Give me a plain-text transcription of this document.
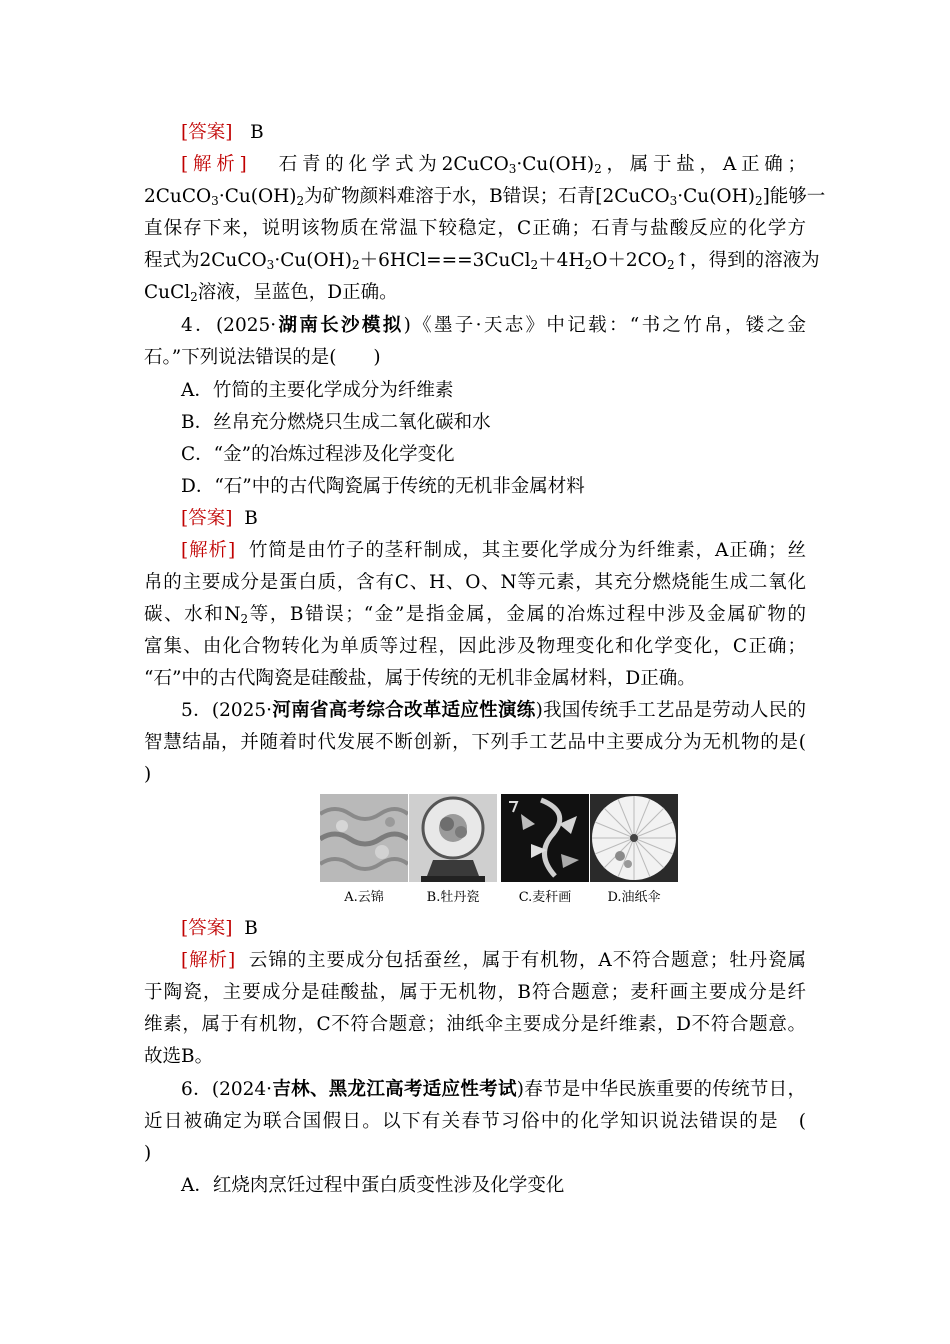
[答案] B
[解析] 石青的化学式为$2CuCO_3\cdot Cu(OH)_2$，属于盐，A正确；
$2CuCO_3\cdot Cu(OH)_2$为矿物颜料难溶于水，B错误；石青$[2CuCO_3\cdot Cu(OH)_2]$能够一
直保存下来，说明该物质在常温下较稳定，C正确；石青与盐酸反应的化学方
程式为$2CuCO_3\cdot Cu(OH)_2+6HCl===3CuCl_2+4H_2O+2CO_2↑$，得到的溶液为
CuCl$_2$溶液，呈蓝色，D正确。
4．(2025·湖南长沙模拟)《墨子·天志》中记载：“书之竹帛，镂之金
石。”下列说法错误的是(　　)
A．竹简的主要化学成分为纤维素
B．丝帛充分燃烧只生成二氧化碳和水
C．“金”的冶炼过程涉及化学变化
D．“石”中的古代陶瓷属于传统的无机非金属材料
[答案] B
[解析] 竹简是由竹子的茎秆制成，其主要化学成分为纤维素，A正确；丝
帛的主要成分是蛋白质，含有C、H、O、N等元素，其充分燃烧能生成二氧化
碳、水和$N_2$等，B错误；“金”是指金属，金属的冶炼过程中涉及金属矿物的
富集、由化合物转化为单质等过程，因此涉及物理变化和化学变化，C正确；
“石”中的古代陶瓷是硅酸盐，属于传统的无机非金属材料，D正确。
5．(2025·河南省高考综合改革适应性演练)我国传统手工艺品是劳动人民的
智慧结晶，并随着时代发展不断创新，下列手工艺品中主要成分为无机物的是(
)
A.云锦	B.牡丹瓷	C.麦秆画	D.油纸伞
[答案] B
[解析] 云锦的主要成分包括蚕丝，属于有机物，A不符合题意；牡丹瓷属
于陶瓷，主要成分是硅酸盐，属于无机物，B符合题意；麦秆画主要成分是纤
维素，属于有机物，C不符合题意；油纸伞主要成分是纤维素，D不符合题意。
故选B。
6．(2024·吉林、黑龙江高考适应性考试)春节是中华民族重要的传统节日，
近日被确定为联合国假日。以下有关春节习俗中的化学知识说法错误的是　(
)
A．红烧肉烹饪过程中蛋白质变性涉及化学变化
